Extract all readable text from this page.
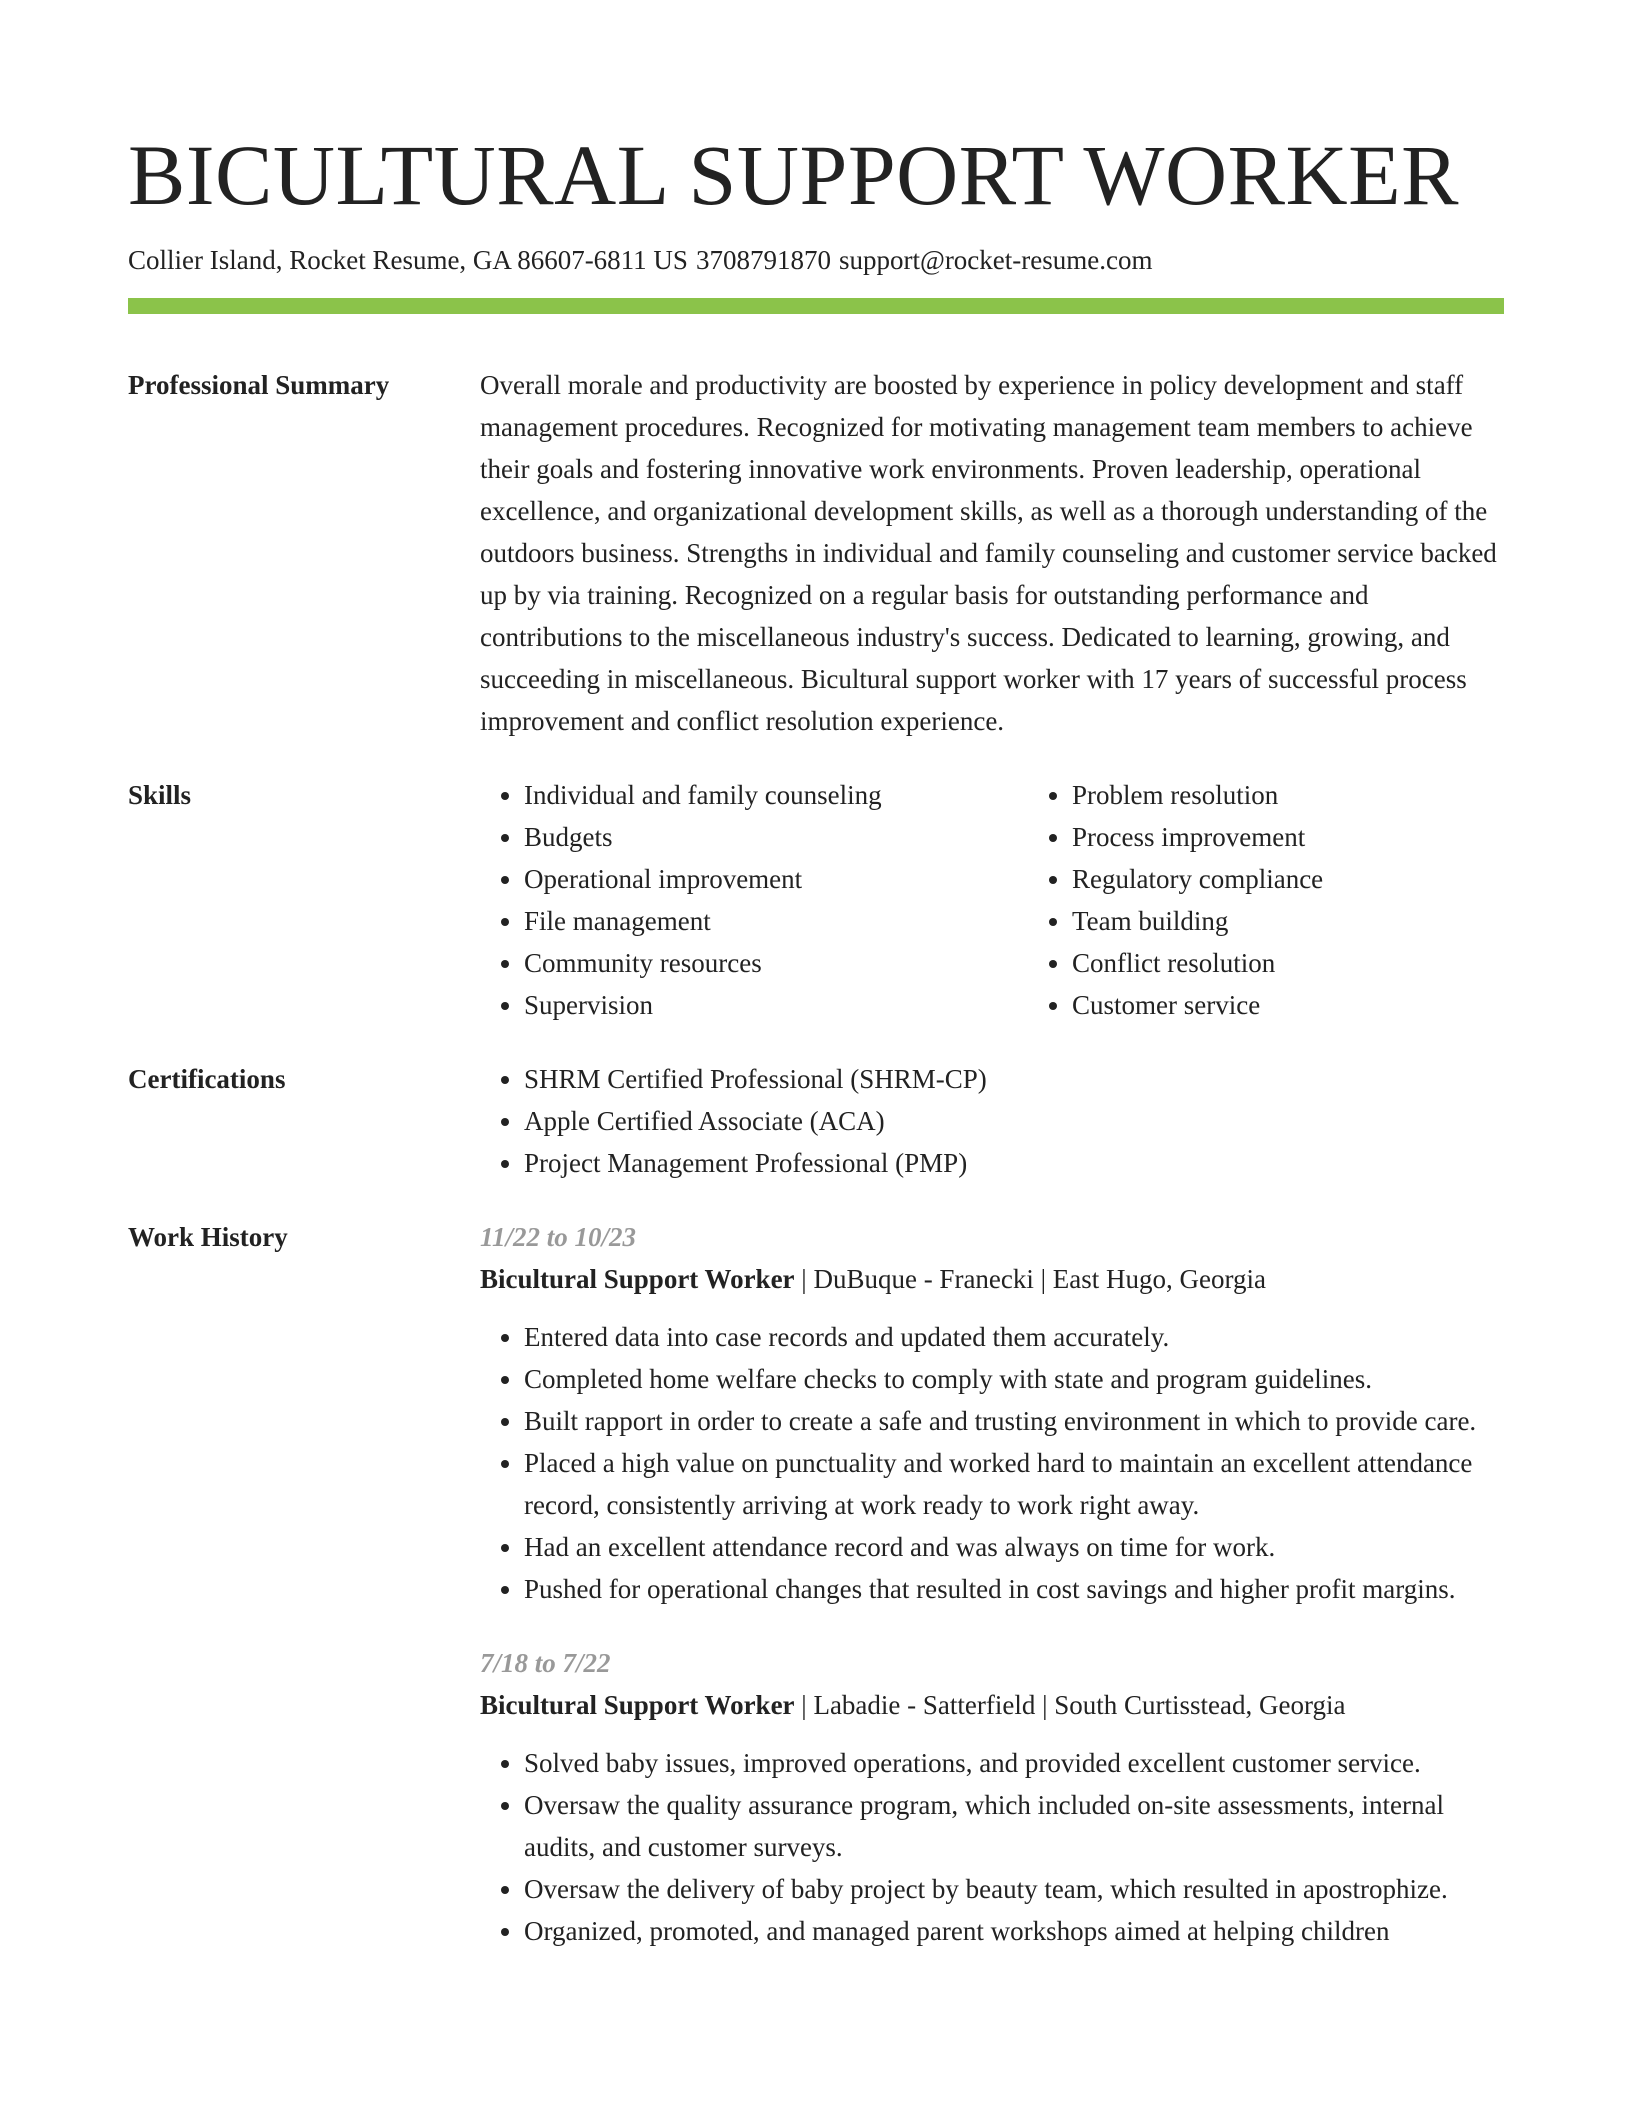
BICULTURAL SUPPORT WORKER
Collier Island, Rocket Resume, GA 86607-6811 US 3708791870 support@rocket-resume.com
Professional Summary	Overall morale and productivity are boosted by experience in policy development and staff management procedures. Recognized for motivating management team members to achieve their goals and fostering innovative work environments. Proven leadership, operational excellence, and organizational development skills, as well as a thorough understanding of the outdoors business. Strengths in individual and family counseling and customer service backed up by via training. Recognized on a regular basis for outstanding performance and contributions to the miscellaneous industry's success. Dedicated to learning, growing, and succeeding in miscellaneous. Bicultural support worker with 17 years of successful process improvement and conflict resolution experience.

Skills	• Individual and family counseling
• Budgets
• Operational improvement
• File management
• Community resources
• Supervision
• Problem resolution
• Process improvement
• Regulatory compliance
• Team building
• Conflict resolution
• Customer service
Certifications	• SHRM Certified Professional (SHRM-CP)
• Apple Certified Associate (ACA)
• Project Management Professional (PMP)
Work History	11/22 to 10/23
Bicultural Support Worker | DuBuque - Franecki | East Hugo, Georgia
• Entered data into case records and updated them accurately.
• Completed home welfare checks to comply with state and program guidelines.
• Built rapport in order to create a safe and trusting environment in which to provide care.
• Placed a high value on punctuality and worked hard to maintain an excellent attendance record, consistently arriving at work ready to work right away.
• Had an excellent attendance record and was always on time for work.
• Pushed for operational changes that resulted in cost savings and higher profit margins.
7/18 to 7/22
Bicultural Support Worker | Labadie - Satterfield | South Curtisstead, Georgia
• Solved baby issues, improved operations, and provided excellent customer service.
• Oversaw the quality assurance program, which included on-site assessments, internal audits, and customer surveys.
• Oversaw the delivery of baby project by beauty team, which resulted in apostrophize.
• Organized, promoted, and managed parent workshops aimed at helping children
